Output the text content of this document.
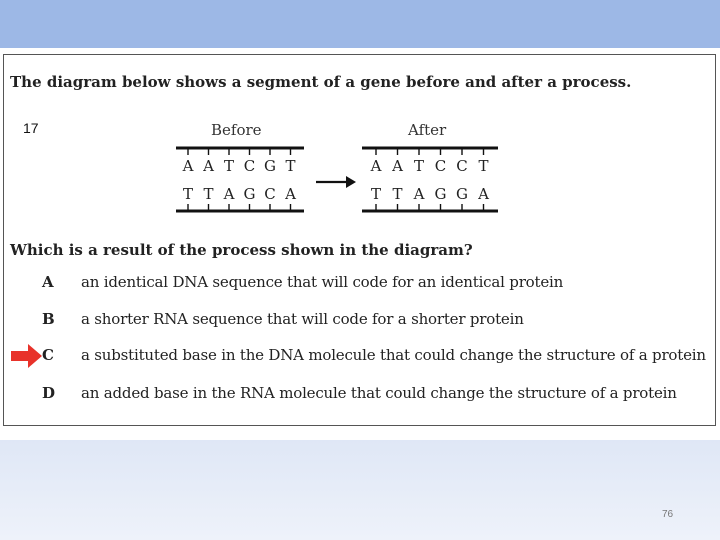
The diagram below shows a segment of a gene before and after a process.
17	Before	After
A A T C G T
T T A G C A
A A T C C T
T T A G G A
Which is a result of the process shown in the diagram?
A an identical DNA sequence that will code for an identical protein
B a shorter RNA sequence that will code for a shorter protein
C a substituted base in the DNA molecule that could change the structure of a protein
D an added base in the RNA molecule that could change the structure of a protein
76
